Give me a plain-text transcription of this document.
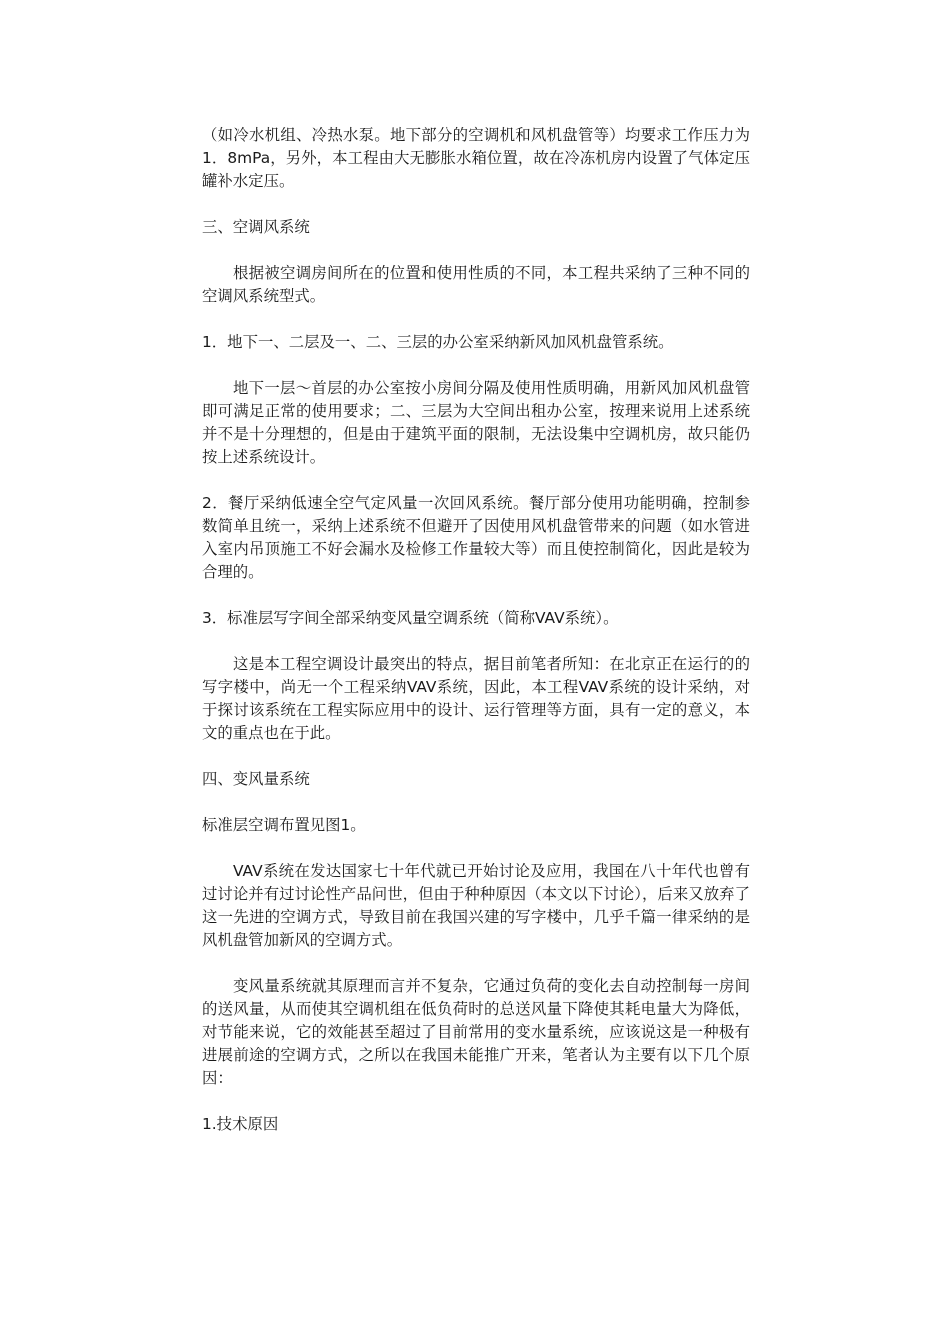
（如冷水机组、冷热水泵。地下部分的空调机和风机盘管等）均要求工作压力为1．8mPa，另外，本工程由大无膨胀水箱位置，故在冷冻机房内设置了气体定压罐补水定压。

三、空调风系统

根据被空调房间所在的位置和使用性质的不同，本工程共采纳了三种不同的空调风系统型式。

1．地下一、二层及一、二、三层的办公室采纳新风加风机盘管系统。

地下一层～首层的办公室按小房间分隔及使用性质明确，用新风加风机盘管即可满足正常的使用要求；二、三层为大空间出租办公室，按理来说用上述系统并不是十分理想的，但是由于建筑平面的限制，无法设集中空调机房，故只能仍按上述系统设计。

2．餐厅采纳低速全空气定风量一次回风系统。餐厅部分使用功能明确，控制参数简单且统一，采纳上述系统不但避开了因使用风机盘管带来的问题（如水管进入室内吊顶施工不好会漏水及检修工作量较大等）而且使控制简化，因此是较为合理的。

3．标准层写字间全部采纳变风量空调系统（简称VAV系统）。

这是本工程空调设计最突出的特点，据目前笔者所知：在北京正在运行的的写字楼中，尚无一个工程采纳VAV系统，因此，本工程VAV系统的设计采纳，对于探讨该系统在工程实际应用中的设计、运行管理等方面，具有一定的意义，本文的重点也在于此。

四、变风量系统

标准层空调布置见图1。

VAV系统在发达国家七十年代就已开始讨论及应用，我国在八十年代也曾有过讨论并有过讨论性产品问世，但由于种种原因（本文以下讨论），后来又放弃了这一先进的空调方式，导致目前在我国兴建的写字楼中，几乎千篇一律采纳的是风机盘管加新风的空调方式。

变风量系统就其原理而言并不复杂，它通过负荷的变化去自动控制每一房间的送风量，从而使其空调机组在低负荷时的总送风量下降使其耗电量大为降低，对节能来说，它的效能甚至超过了目前常用的变水量系统，应该说这是一种极有进展前途的空调方式，之所以在我国未能推广开来，笔者认为主要有以下几个原因：

1.技术原因
